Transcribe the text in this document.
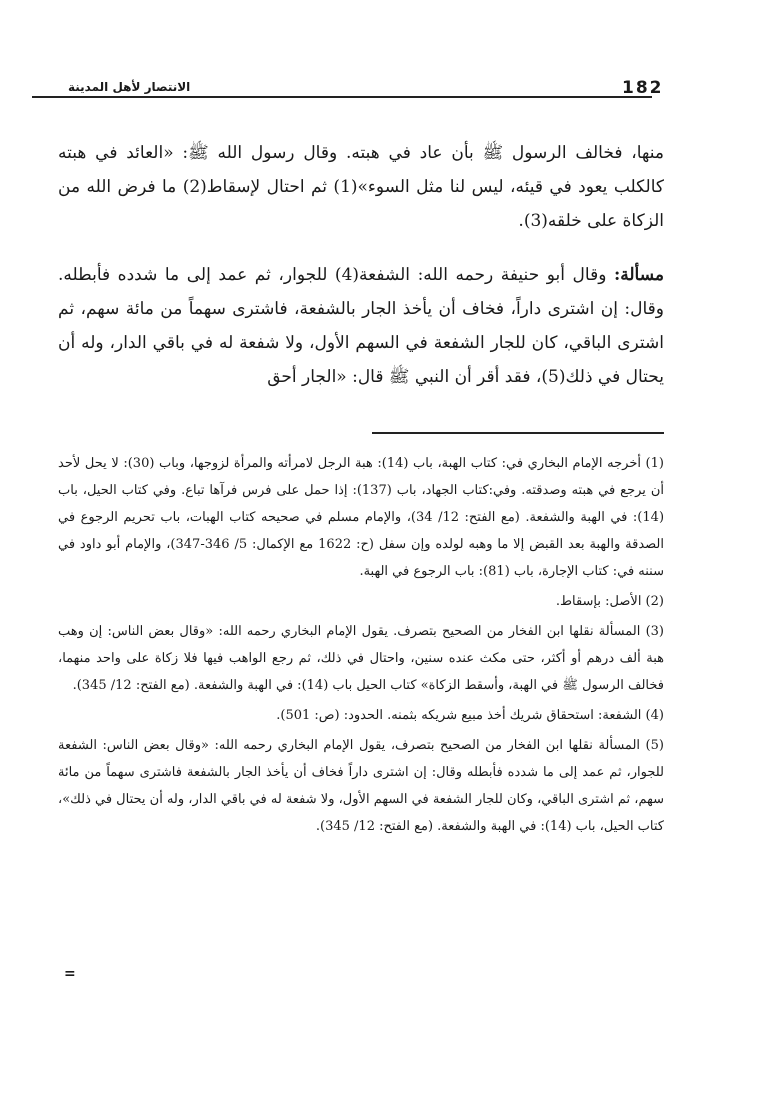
182
الانتصار لأهل المدينة

منها، فخالف الرسول ﷺ بأن عاد في هبته. وقال رسول الله ﷺ: «العائد في هبته كالكلب يعود في قيئه، ليس لنا مثل السوء»(1) ثم احتال لإسقاط(2) ما فرض الله من الزكاة على خلقه(3).

مسألة: وقال أبو حنيفة رحمه الله: الشفعة(4) للجوار، ثم عمد إلى ما شدده فأبطله. وقال: إن اشترى داراً، فخاف أن يأخذ الجار بالشفعة، فاشترى سهماً من مائة سهم، ثم اشترى الباقي، كان للجار الشفعة في السهم الأول، ولا شفعة له في باقي الدار، وله أن يحتال في ذلك(5)، فقد أقر أن النبي ﷺ قال: «الجار أحق

(1) أخرجه الإمام البخاري في: كتاب الهبة، باب (14): هبة الرجل لامرأته والمرأة لزوجها، وباب (30): لا يحل لأحد أن يرجع في هبته وصدقته. وفي:كتاب الجهاد، باب (137): إذا حمل على فرس فرآها تباع. وفي كتاب الحيل، باب (14): في الهبة والشفعة. (مع الفتح: 12/ 34)، والإمام مسلم في صحيحه كتاب الهبات، باب تحريم الرجوع في الصدقة والهبة بعد القبض إلا ما وهبه لولده وإن سفل (ح: 1622 مع الإكمال: 5/ 346-347)، والإمام أبو داود في سننه في: كتاب الإجارة، باب (81): باب الرجوع في الهبة.

(2) الأصل: بإسقاط.

(3) المسألة نقلها ابن الفخار من الصحيح بتصرف. يقول الإمام البخاري رحمه الله: «وقال بعض الناس: إن وهب هبة ألف درهم أو أكثر، حتى مكث عنده سنين، واحتال في ذلك، ثم رجع الواهب فيها فلا زكاة على واحد منهما، فخالف الرسول ﷺ في الهبة، وأسقط الزكاة» كتاب الحيل باب (14): في الهبة والشفعة. (مع الفتح: 12/ 345).

(4) الشفعة: استحقاق شريك أخذ مبيع شريكه بثمنه. الحدود: (ص: 501).

(5) المسألة نقلها ابن الفخار من الصحيح بتصرف، يقول الإمام البخاري رحمه الله: «وقال بعض الناس: الشفعة للجوار، ثم عمد إلى ما شدده فأبطله وقال: إن اشترى داراً فخاف أن يأخذ الجار بالشفعة فاشترى سهماً من مائة سهم، ثم اشترى الباقي، وكان للجار الشفعة في السهم الأول، ولا شفعة له في باقي الدار، وله أن يحتال في ذلك»، كتاب الحيل، باب (14): في الهبة والشفعة. (مع الفتح: 12/ 345).

=
